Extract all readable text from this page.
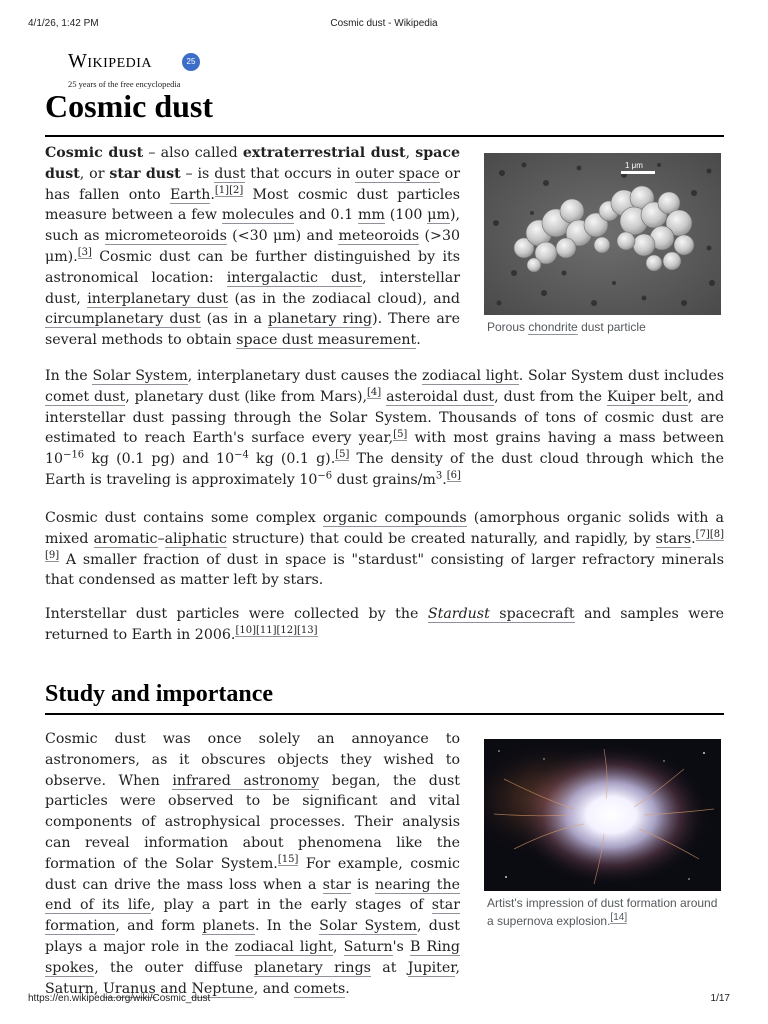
4/1/26, 1:42 PM	Cosmic dust - Wikipedia
Wikipedia	25
25 years of the free encyclopedia
Cosmic dust

Cosmic dust – also called extraterrestrial dust, space dust, or star dust – is dust that occurs in outer space or has fallen onto Earth.[1][2] Most cosmic dust particles measure between a few molecules and 0.1 mm (100 μm), such as micrometeoroids (<30 μm) and meteoroids (>30 μm).[3] Cosmic dust can be further distinguished by its astronomical location: intergalactic dust, interstellar dust, interplanetary dust (as in the zodiacal cloud), and circumplanetary dust (as in a planetary ring). There are several methods to obtain space dust measurement.

1 μm
Porous chondrite dust particle

In the Solar System, interplanetary dust causes the zodiacal light. Solar System dust includes comet dust, planetary dust (like from Mars),[4] asteroidal dust, dust from the Kuiper belt, and interstellar dust passing through the Solar System. Thousands of tons of cosmic dust are estimated to reach Earth's surface every year,[5] with most grains having a mass between $10^{-16}$ kg (0.1 pg) and $10^{-4}$ kg (0.1 g).[5] The density of the dust cloud through which the Earth is traveling is approximately $10^{-6}$ dust grains/$m^3.[6]$

Cosmic dust contains some complex organic compounds (amorphous organic solids with a mixed aromatic–aliphatic structure) that could be created naturally, and rapidly, by stars.[7][8][9] A smaller fraction of dust in space is "stardust" consisting of larger refractory minerals that condensed as matter left by stars.

Interstellar dust particles were collected by the Stardust spacecraft and samples were returned to Earth in 2006.[10][11][12][13]

Study and importance

Cosmic dust was once solely an annoyance to astronomers, as it obscures objects they wished to observe. When infrared astronomy began, the dust particles were observed to be significant and vital components of astrophysical processes. Their analysis can reveal information about phenomena like the formation of the Solar System.[15] For example, cosmic dust can drive the mass loss when a star is nearing the end of its life, play a part in the early stages of star formation, and form planets. In the Solar System, dust plays a major role in the zodiacal light, Saturn's B Ring spokes, the outer diffuse planetary rings at Jupiter, Saturn, Uranus and Neptune, and comets.

Artist's impression of dust formation around a supernova explosion.[14]
https://en.wikipedia.org/wiki/Cosmic_dust	1/17
